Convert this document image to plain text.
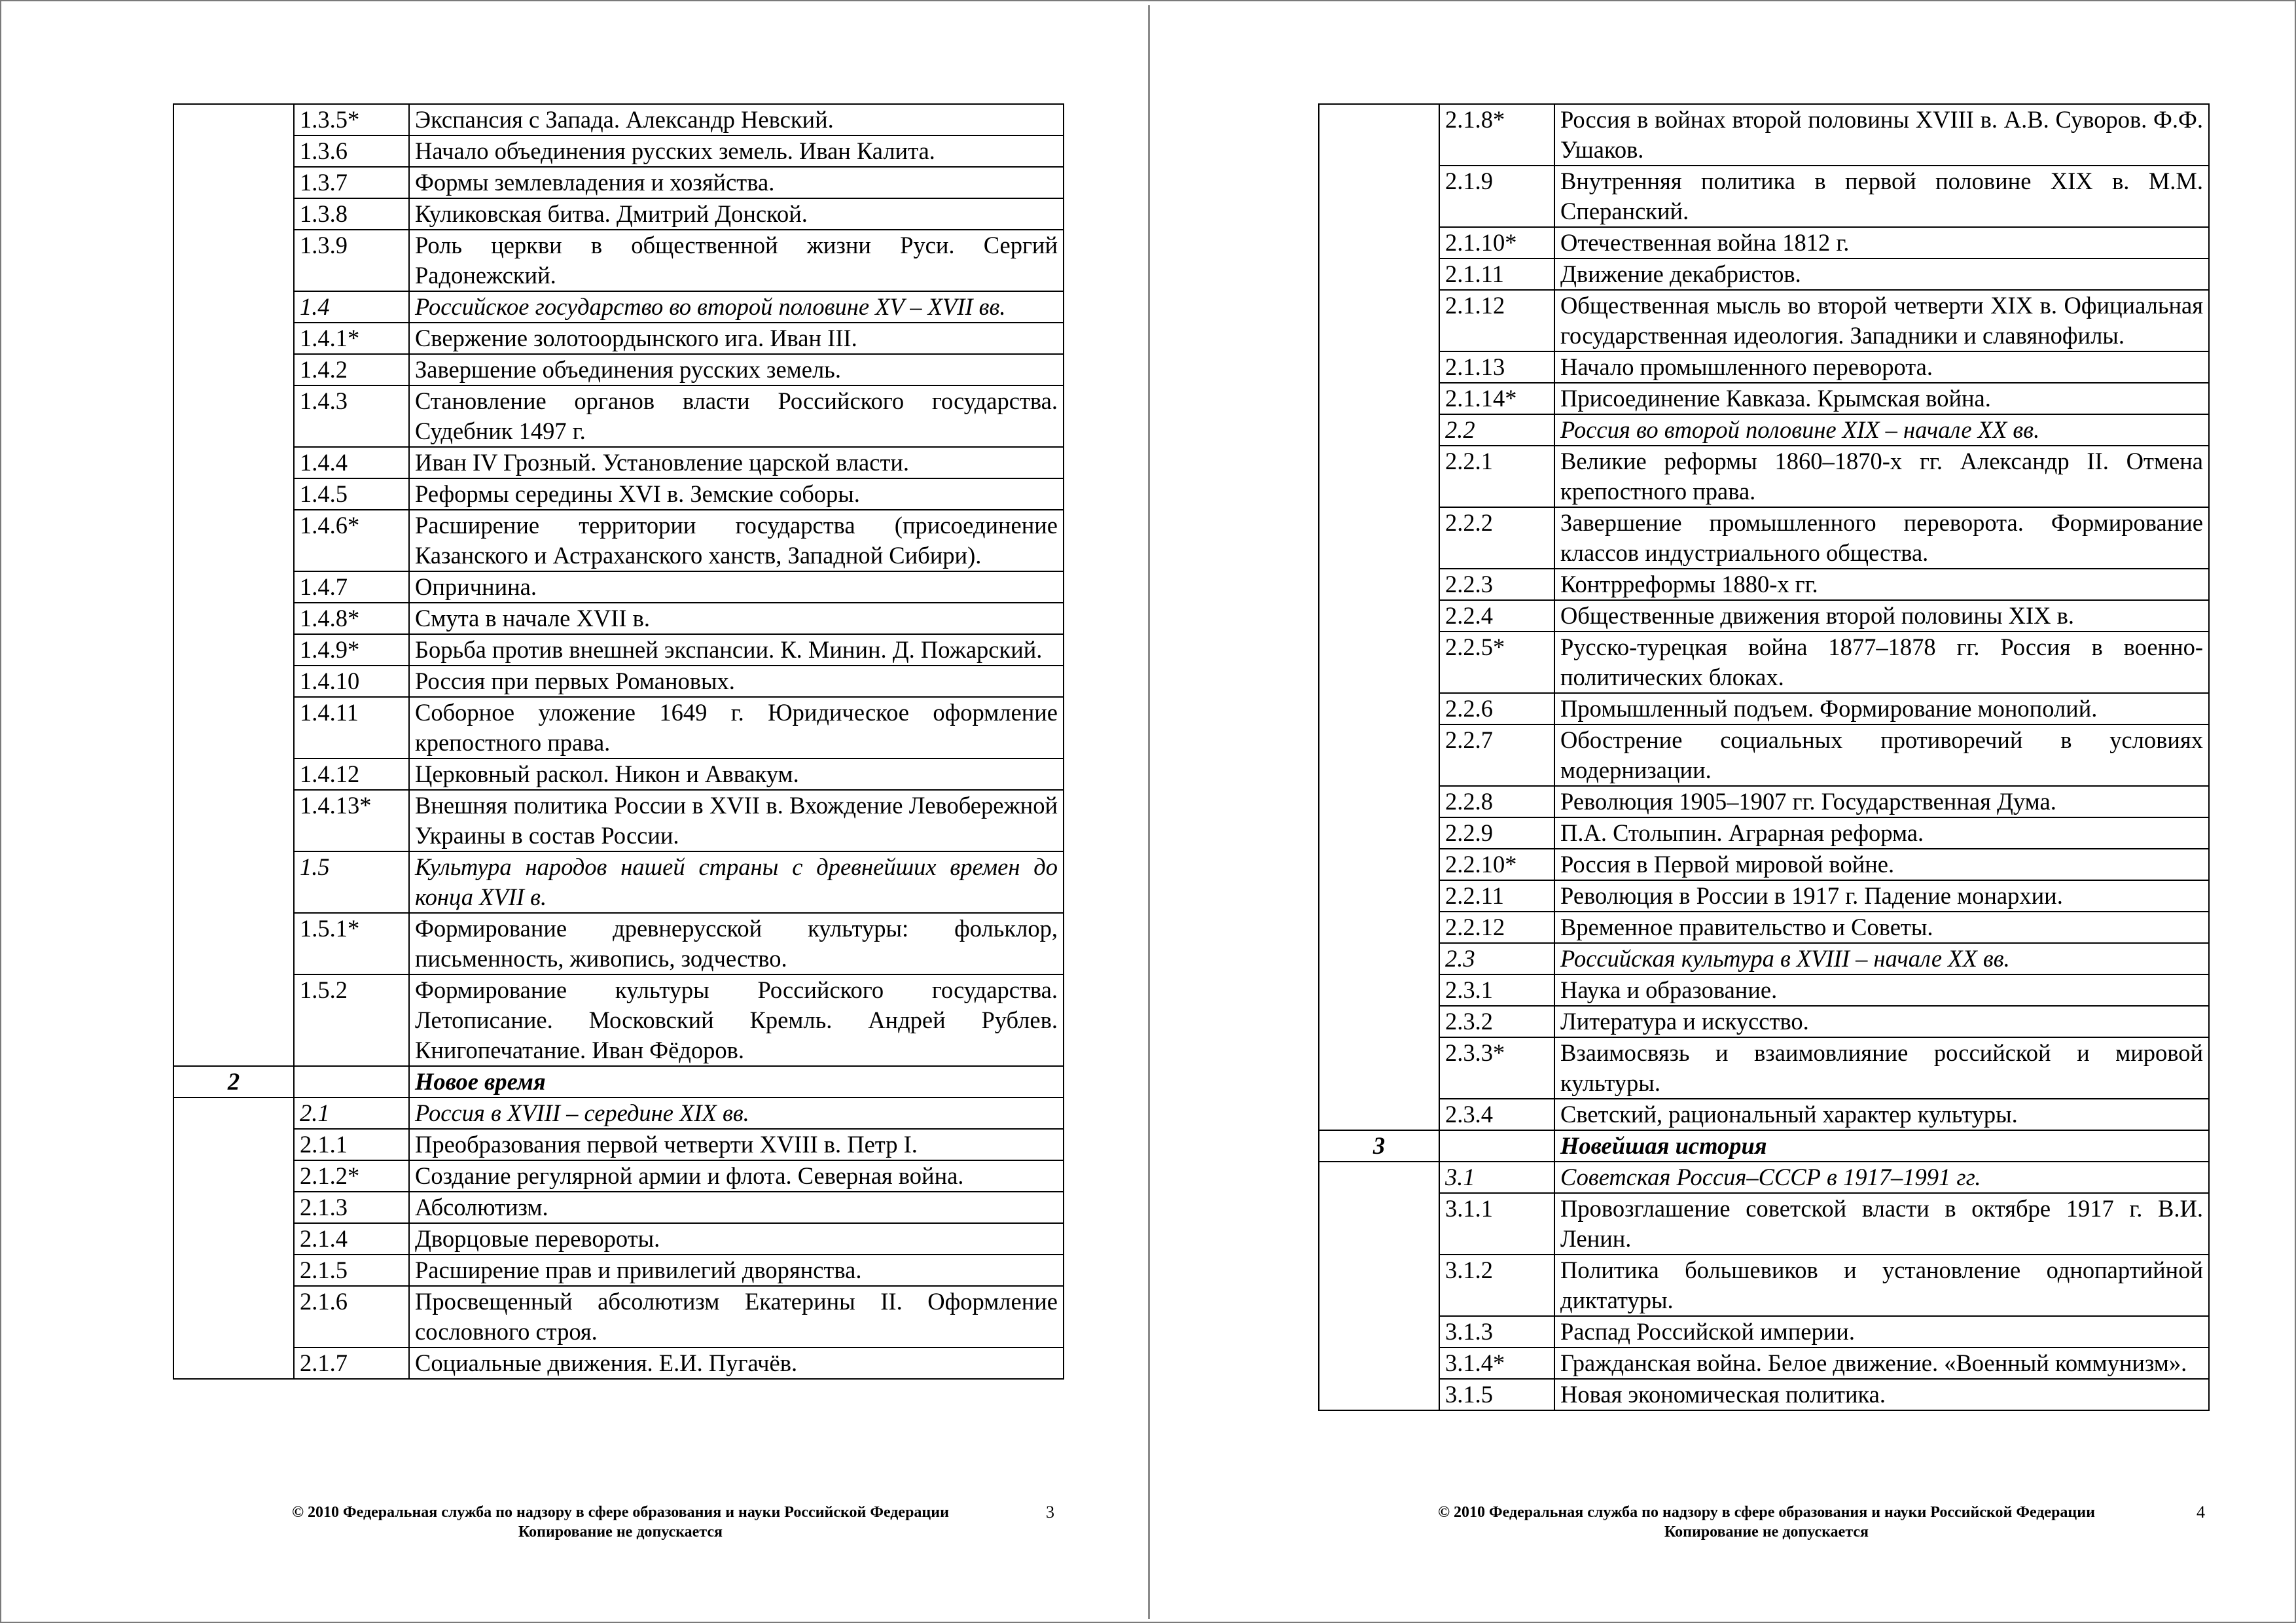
	1.3.5*	Экспансия с Запада. Александр Невский.
	1.3.6	Начало объединения русских земель. Иван Калита.
	1.3.7	Формы землевладения и хозяйства.
	1.3.8	Куликовская битва. Дмитрий Донской.
	1.3.9	Роль церкви в общественной жизни Руси. Сергий Радонежский.
	1.4	Российское государство во второй половине XV – XVII вв.
	1.4.1*	Свержение золотоордынского ига. Иван III.
	1.4.2	Завершение объединения русских земель.
	1.4.3	Становление органов власти Российского государства. Судебник 1497 г.
	1.4.4	Иван IV Грозный. Установление царской власти.
	1.4.5	Реформы середины XVI в. Земские соборы.
	1.4.6*	Расширение территории государства (присоединение Казанского и Астраханского ханств, Западной Сибири).
	1.4.7	Опричнина.
	1.4.8*	Смута в начале XVII в.
	1.4.9*	Борьба против внешней экспансии. К. Минин. Д. Пожарский.
	1.4.10	Россия при первых Романовых.
	1.4.11	Соборное уложение 1649 г. Юридическое оформление крепостного права.
	1.4.12	Церковный раскол. Никон и Аввакум.
	1.4.13*	Внешняя политика России в XVII в. Вхождение Левобережной Украины в состав России.
	1.5	Культура народов нашей страны с древнейших времен до конца XVII в.
	1.5.1*	Формирование древнерусской культуры: фольклор, письменность, живопись, зодчество.
	1.5.2	Формирование культуры Российского государства. Летописание. Московский Кремль. Андрей Рублев. Книгопечатание. Иван Фёдоров.
2		Новое время
	2.1	Россия в XVIII – середине XIX вв.
	2.1.1	Преобразования первой четверти XVIII в. Петр I.
	2.1.2*	Создание регулярной армии и флота. Северная война.
	2.1.3	Абсолютизм.
	2.1.4	Дворцовые перевороты.
	2.1.5	Расширение прав и привилегий дворянства.
	2.1.6	Просвещенный абсолютизм Екатерины II. Оформление сословного строя.
	2.1.7	Социальные движения. Е.И. Пугачёв.
© 2010 Федеральная служба по надзору в сфере образования и науки Российской Федерации
Копирование не допускается
3
	2.1.8*	Россия в войнах второй половины XVIII в. А.В. Суворов. Ф.Ф. Ушаков.
	2.1.9	Внутренняя политика в первой половине XIX в. М.М. Сперанский.
	2.1.10*	Отечественная война 1812 г.
	2.1.11	Движение декабристов.
	2.1.12	Общественная мысль во второй четверти XIX в. Официальная государственная идеология. Западники и славянофилы.
	2.1.13	Начало промышленного переворота.
	2.1.14*	Присоединение Кавказа. Крымская война.
	2.2	Россия во второй половине XIX – начале XX вв.
	2.2.1	Великие реформы 1860–1870-х гг. Александр II. Отмена крепостного права.
	2.2.2	Завершение промышленного переворота. Формирование классов индустриального общества.
	2.2.3	Контрреформы 1880-х гг.
	2.2.4	Общественные движения второй половины XIX в.
	2.2.5*	Русско-турецкая война 1877–1878 гг. Россия в военно-политических блоках.
	2.2.6	Промышленный подъем. Формирование монополий.
	2.2.7	Обострение социальных противоречий в условиях модернизации.
	2.2.8	Революция 1905–1907 гг. Государственная Дума.
	2.2.9	П.А. Столыпин. Аграрная реформа.
	2.2.10*	Россия в Первой мировой войне.
	2.2.11	Революция в России в 1917 г. Падение монархии.
	2.2.12	Временное правительство и Советы.
	2.3	Российская культура в XVIII – начале XX вв.
	2.3.1	Наука и образование.
	2.3.2	Литература и искусство.
	2.3.3*	Взаимосвязь и взаимовлияние российской и мировой культуры.
	2.3.4	Светский, рациональный характер культуры.
3		Новейшая история
	3.1	Советская Россия–СССР в 1917–1991 гг.
	3.1.1	Провозглашение советской власти в октябре 1917 г. В.И. Ленин.
	3.1.2	Политика большевиков и установление однопартийной диктатуры.
	3.1.3	Распад Российской империи.
	3.1.4*	Гражданская война. Белое движение. «Военный коммунизм».
	3.1.5	Новая экономическая политика.
© 2010 Федеральная служба по надзору в сфере образования и науки Российской Федерации
Копирование не допускается
4
